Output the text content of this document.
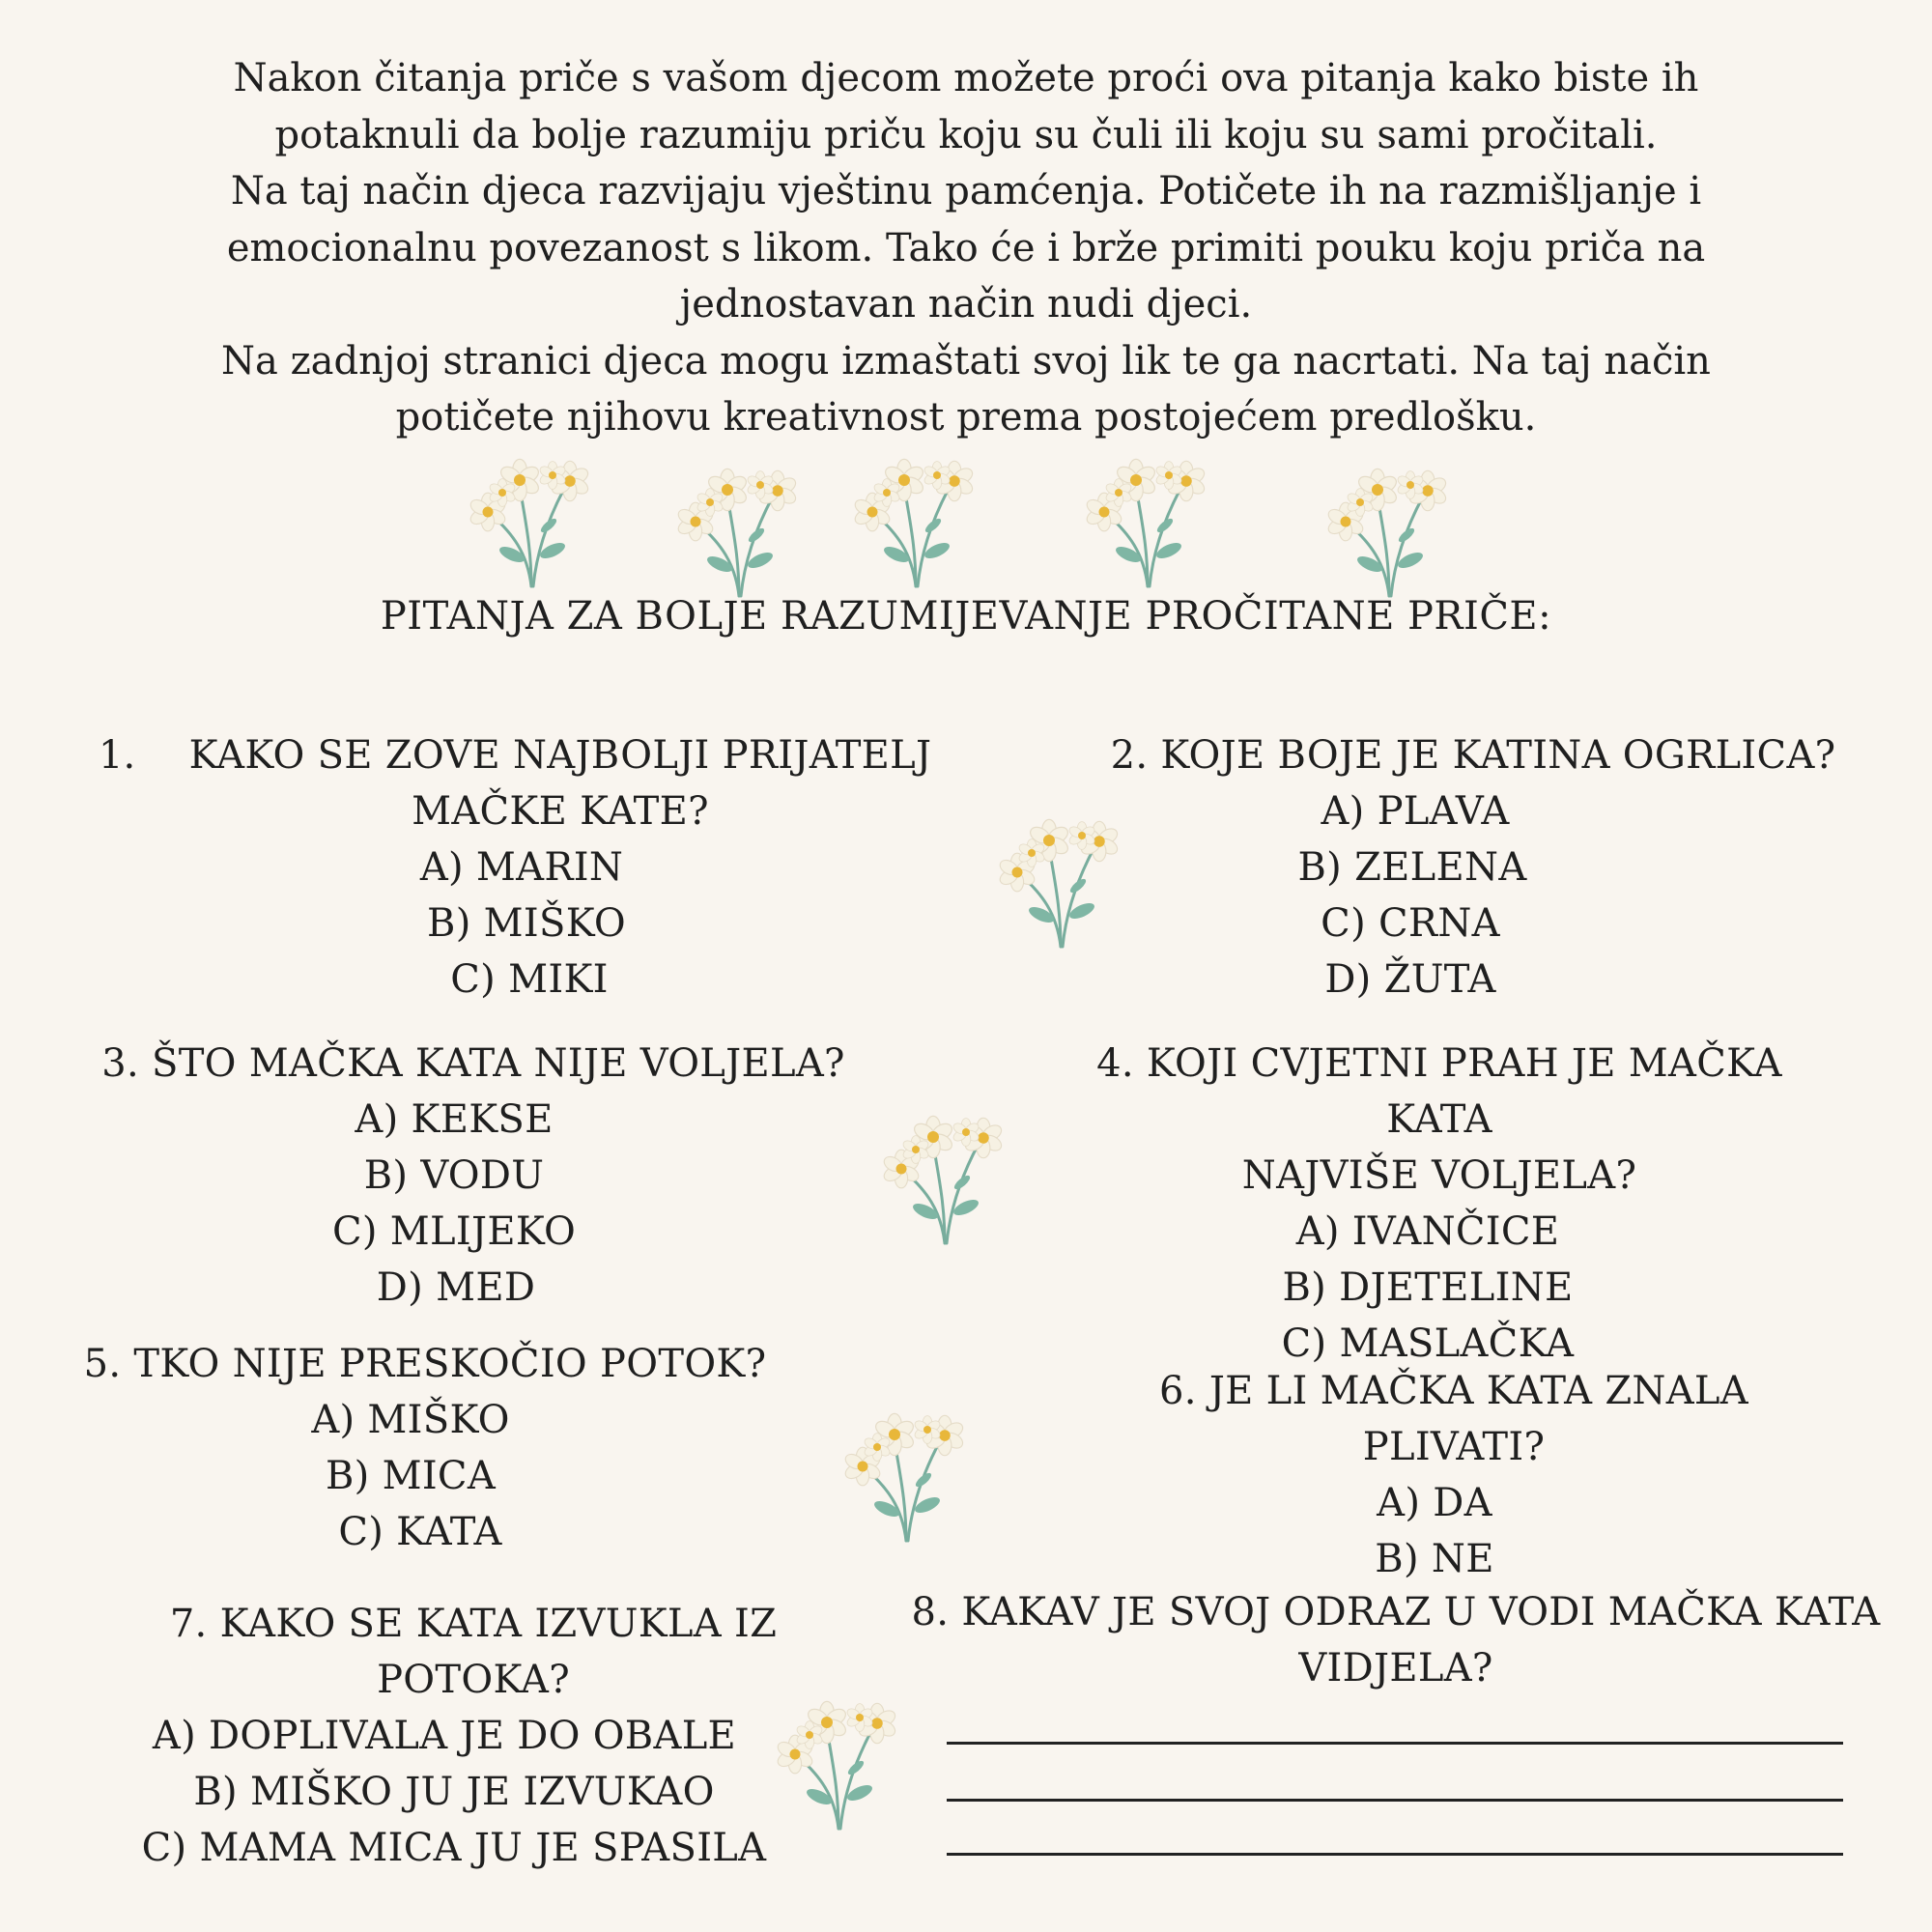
Nakon čitanja priče s vašom djecom možete proći ova pitanja kako biste ih

potaknuli da bolje razumiju priču koju su čuli ili koju su sami pročitali.

Na taj način djeca razvijaju vještinu pamćenja. Potičete ih na razmišljanje i

emocionalnu povezanost s likom. Tako će i brže primiti pouku koju priča na

jednostavan način nudi djeci.

Na zadnjoj stranici djeca mogu izmaštati svoj lik te ga nacrtati. Na taj način

potičete njihovu kreativnost prema postojećem predlošku.

PITANJA ZA BOLJE RAZUMIJEVANJE PROČITANE PRIČE:
1.	KAKO SE ZOVE NAJBOLJI PRIJATELJ

MAČKE KATE?

A) MARIN

B) MIŠKO

C) MIKI

2. KOJE BOJE JE KATINA OGRLICA?

A) PLAVA

B) ZELENA

C) CRNA

D) ŽUTA

3. ŠTO MAČKA KATA NIJE VOLJELA?

A) KEKSE

B) VODU

C) MLIJEKO

D) MED

4. KOJI CVJETNI PRAH JE MAČKA KATA

NAJVIŠE VOLJELA?

A) IVANČICE

B) DJETELINE

C) MASLAČKA

5. TKO NIJE PRESKOČIO POTOK?

A) MIŠKO

B) MICA

C) KATA

6. JE LI MAČKA KATA ZNALA PLIVATI?

A) DA

B) NE

7. KAKO SE KATA IZVUKLA IZ POTOKA?

A) DOPLIVALA JE DO OBALE

B) MIŠKO JU JE IZVUKAO

C) MAMA MICA JU JE SPASILA

8. KAKAV JE SVOJ ODRAZ U VODI MAČKA KATA

VIDJELA?
